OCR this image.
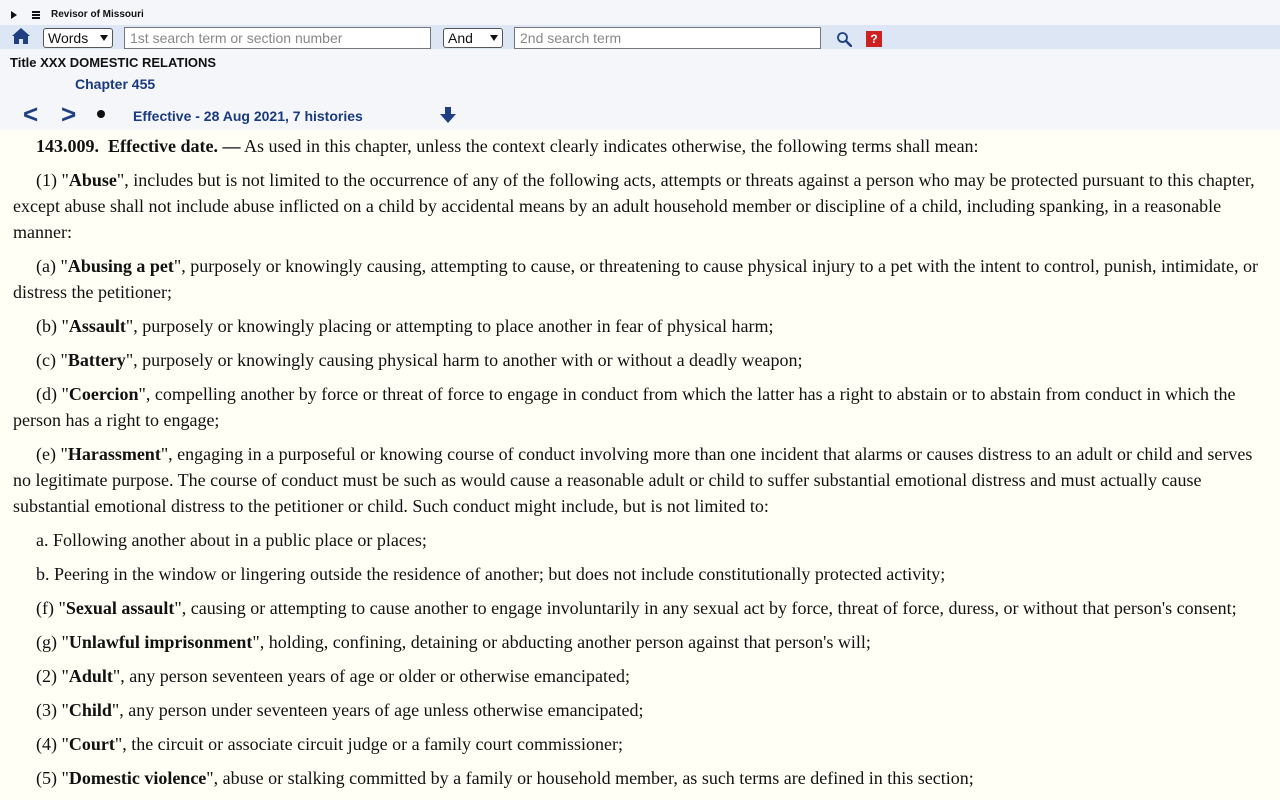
Revisor of Missouri
Words	1st search term or section number	And	2nd search term	?
Title XXX DOMESTIC RELATIONS
Chapter 455
< >	Effective - 28 Aug 2021, 7 histories

143.009. Effective date. — As used in this chapter, unless the context clearly indicates otherwise, the following terms shall mean:

(1) "Abuse", includes but is not limited to the occurrence of any of the following acts, attempts or threats against a person who may be protected pursuant to this chapter, except abuse shall not include abuse inflicted on a child by accidental means by an adult household member or discipline of a child, including spanking, in a reasonable manner:

(a) "Abusing a pet", purposely or knowingly causing, attempting to cause, or threatening to cause physical injury to a pet with the intent to control, punish, intimidate, or distress the petitioner;

(b) "Assault", purposely or knowingly placing or attempting to place another in fear of physical harm;

(c) "Battery", purposely or knowingly causing physical harm to another with or without a deadly weapon;

(d) "Coercion", compelling another by force or threat of force to engage in conduct from which the latter has a right to abstain or to abstain from conduct in which the person has a right to engage;

(e) "Harassment", engaging in a purposeful or knowing course of conduct involving more than one incident that alarms or causes distress to an adult or child and serves no legitimate purpose. The course of conduct must be such as would cause a reasonable adult or child to suffer substantial emotional distress and must actually cause substantial emotional distress to the petitioner or child. Such conduct might include, but is not limited to:

a. Following another about in a public place or places;

b. Peering in the window or lingering outside the residence of another; but does not include constitutionally protected activity;

(f) "Sexual assault", causing or attempting to cause another to engage involuntarily in any sexual act by force, threat of force, duress, or without that person's consent;

(g) "Unlawful imprisonment", holding, confining, detaining or abducting another person against that person's will;

(2) "Adult", any person seventeen years of age or older or otherwise emancipated;

(3) "Child", any person under seventeen years of age unless otherwise emancipated;

(4) "Court", the circuit or associate circuit judge or a family court commissioner;

(5) "Domestic violence", abuse or stalking committed by a family or household member, as such terms are defined in this section;
